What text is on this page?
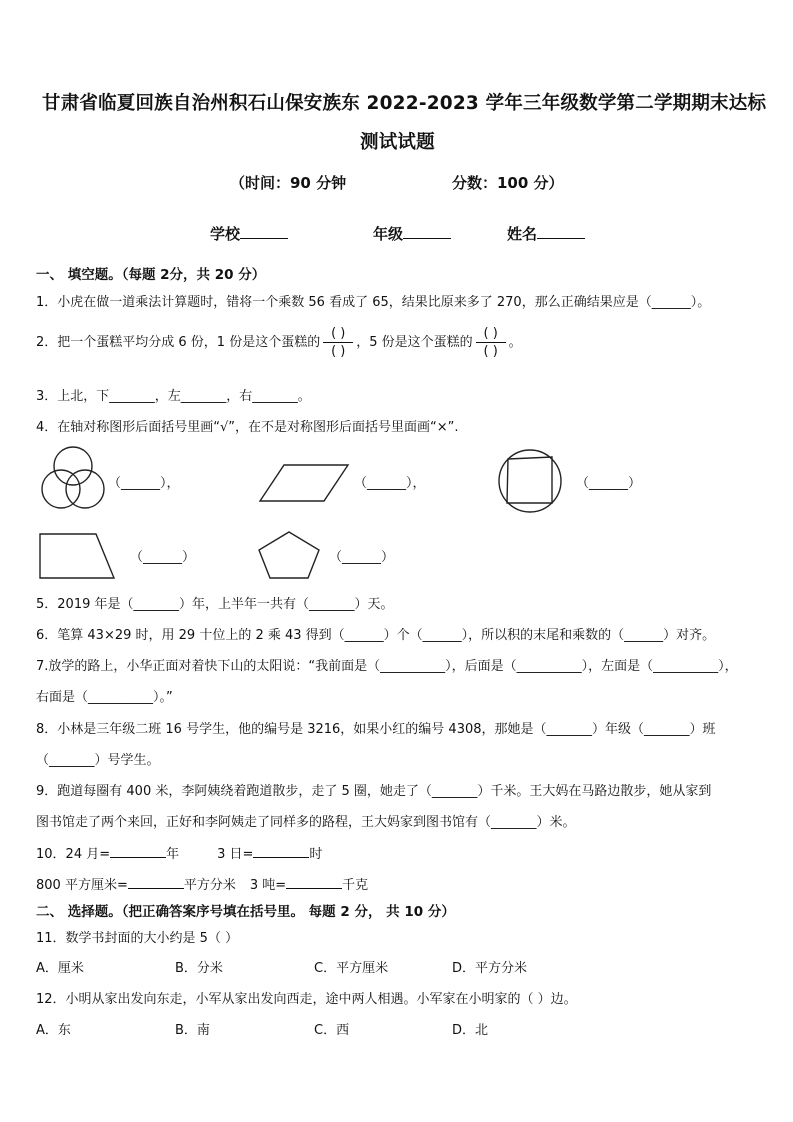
甘肃省临夏回族自治州积石山保安族东 2022-2023 学年三年级数学第二学期期末达标
测试试题
（时间：90 分钟	分数：100 分）
学校	年级	姓名
一、 填空题。（每题 2分，共 20 分）
1．小虎在做一道乘法计算题时，错将一个乘数 56 看成了 65，结果比原来多了 270，那么正确结果应是（______）。
2．把一个蛋糕平均分成 6 份，1 份是这个蛋糕的 $\frac{( )}{( )}$ ，5 份是这个蛋糕的 $\frac{( )}{( )}$ 。
3．上北，下_______，左_______，右_______。
4．在轴对称图形后面括号里画“√”，在不是对称图形后面括号里面画“×”.
（______），	（______），	（______）
（______）	（______）
5．2019 年是（_______）年，上半年一共有（_______）天。
6．笔算 43×29 时，用 29 十位上的 2 乘 43 得到（______）个（______），所以积的末尾和乘数的（______）对齐。
7.放学的路上，小华正面对着快下山的太阳说：“我前面是（__________），后面是（__________），左面是（__________），
右面是（__________）。”
8．小林是三年级二班 16 号学生，他的编号是 3216，如果小红的编号 4308，那她是（_______）年级（_______）班
（_______）号学生。
9．跑道每圈有 400 米，李阿姨绕着跑道散步，走了 5 圈，她走了（_______）千米。王大妈在马路边散步，她从家到
图书馆走了两个来回，正好和李阿姨走了同样多的路程，王大妈家到图书馆有（_______）米。
10．24 月=	年	3 日=	时
800 平方厘米=	平方分米 3 吨=	千克
二、 选择题。（把正确答案序号填在括号里。 每题 2 分， 共 10 分）
11．数学书封面的大小约是 5（ ）
A．厘米	B．分米	C．平方厘米	D．平方分米
12．小明从家出发向东走，小军从家出发向西走，途中两人相遇。小军家在小明家的（ ）边。
A．东	B．南	C．西	D．北
